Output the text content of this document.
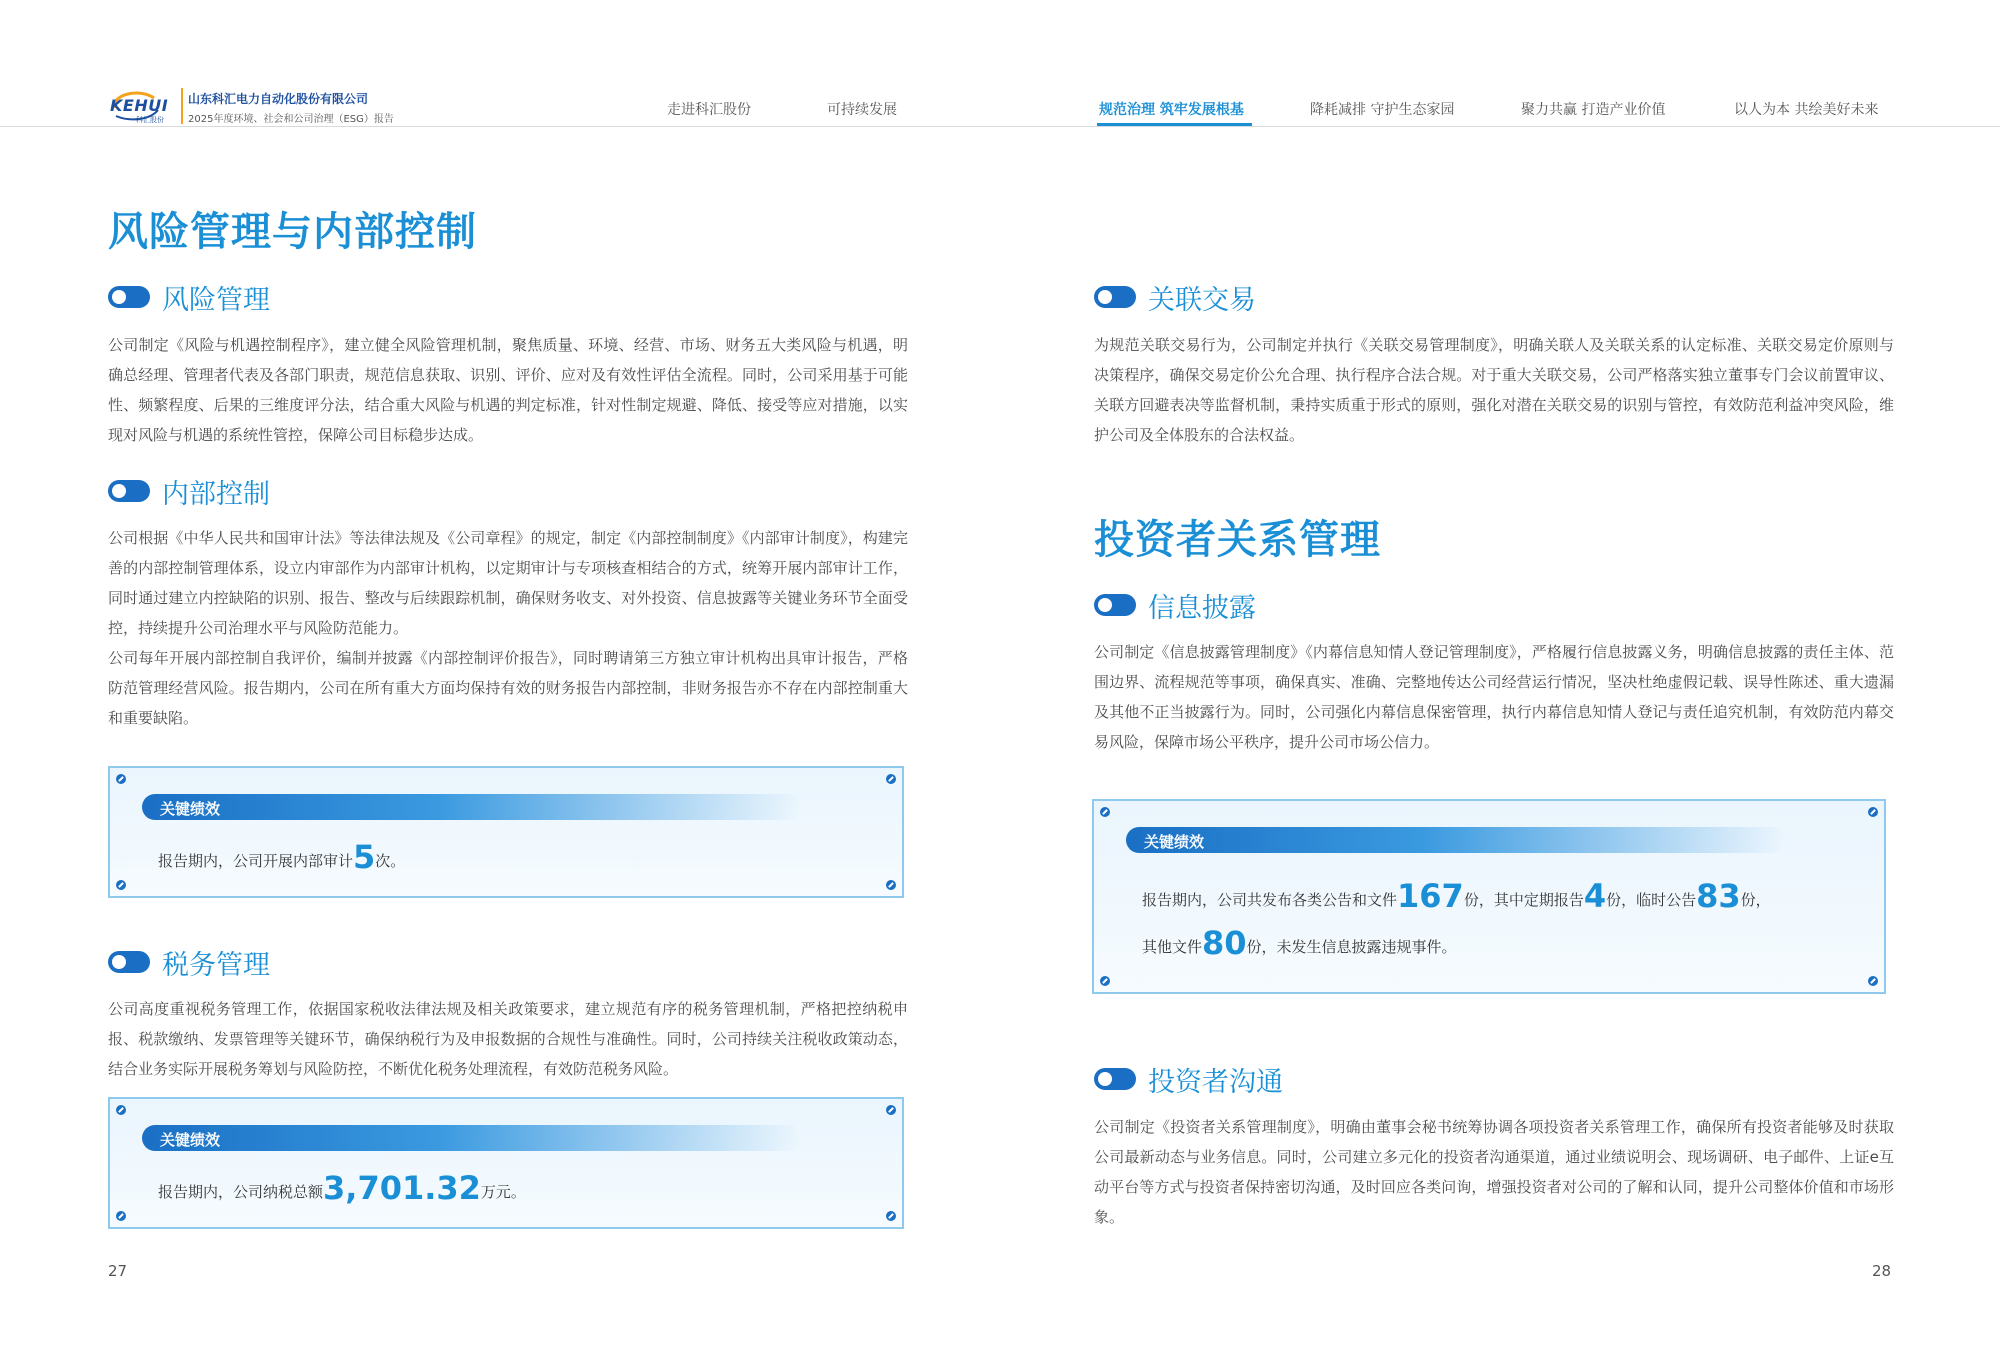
KEHUI
科汇股份
山东科汇电力自动化股份有限公司
2025年度环境、社会和公司治理（ESG）报告
走进科汇股份	可持续发展	规范治理 筑牢发展根基	降耗减排 守护生态家园	聚力共赢 打造产业价值	以人为本 共绘美好未来
风险管理与内部控制
风险管理
公司制定《风险与机遇控制程序》，建立健全风险管理机制，聚焦质量、环境、经营、市场、财务五大类风险与机遇，明确总经理、管理者代表及各部门职责，规范信息获取、识别、评价、应对及有效性评估全流程。同时，公司采用基于可能性、频繁程度、后果的三维度评分法，结合重大风险与机遇的判定标准，针对性制定规避、降低、接受等应对措施，以实现对风险与机遇的系统性管控，保障公司目标稳步达成。
内部控制
公司根据《中华人民共和国审计法》等法律法规及《公司章程》的规定，制定《内部控制制度》《内部审计制度》，构建完善的内部控制管理体系，设立内审部作为内部审计机构，以定期审计与专项核查相结合的方式，统筹开展内部审计工作，同时通过建立内控缺陷的识别、报告、整改与后续跟踪机制，确保财务收支、对外投资、信息披露等关键业务环节全面受控，持续提升公司治理水平与风险防范能力。
公司每年开展内部控制自我评价，编制并披露《内部控制评价报告》，同时聘请第三方独立审计机构出具审计报告，严格防范管理经营风险。报告期内，公司在所有重大方面均保持有效的财务报告内部控制，非财务报告亦不存在内部控制重大和重要缺陷。
关键绩效
报告期内，公司开展内部审计5次。
税务管理
公司高度重视税务管理工作，依据国家税收法律法规及相关政策要求，建立规范有序的税务管理机制，严格把控纳税申报、税款缴纳、发票管理等关键环节，确保纳税行为及申报数据的合规性与准确性。同时，公司持续关注税收政策动态，结合业务实际开展税务筹划与风险防控，不断优化税务处理流程，有效防范税务风险。
关键绩效
报告期内，公司纳税总额3,701.32万元。
27
关联交易
为规范关联交易行为，公司制定并执行《关联交易管理制度》，明确关联人及关联关系的认定标准、关联交易定价原则与决策程序，确保交易定价公允合理、执行程序合法合规。对于重大关联交易，公司严格落实独立董事专门会议前置审议、关联方回避表决等监督机制，秉持实质重于形式的原则，强化对潜在关联交易的识别与管控，有效防范利益冲突风险，维护公司及全体股东的合法权益。
投资者关系管理
信息披露
公司制定《信息披露管理制度》《内幕信息知情人登记管理制度》，严格履行信息披露义务，明确信息披露的责任主体、范围边界、流程规范等事项，确保真实、准确、完整地传达公司经营运行情况，坚决杜绝虚假记载、误导性陈述、重大遗漏及其他不正当披露行为。同时，公司强化内幕信息保密管理，执行内幕信息知情人登记与责任追究机制，有效防范内幕交易风险，保障市场公平秩序，提升公司市场公信力。
关键绩效
报告期内，公司共发布各类公告和文件167份，其中定期报告4份，临时公告83份，
其他文件80份，未发生信息披露违规事件。
投资者沟通
公司制定《投资者关系管理制度》，明确由董事会秘书统筹协调各项投资者关系管理工作，确保所有投资者能够及时获取公司最新动态与业务信息。同时，公司建立多元化的投资者沟通渠道，通过业绩说明会、现场调研、电子邮件、上证e互动平台等方式与投资者保持密切沟通，及时回应各类问询，增强投资者对公司的了解和认同，提升公司整体价值和市场形象。
28
